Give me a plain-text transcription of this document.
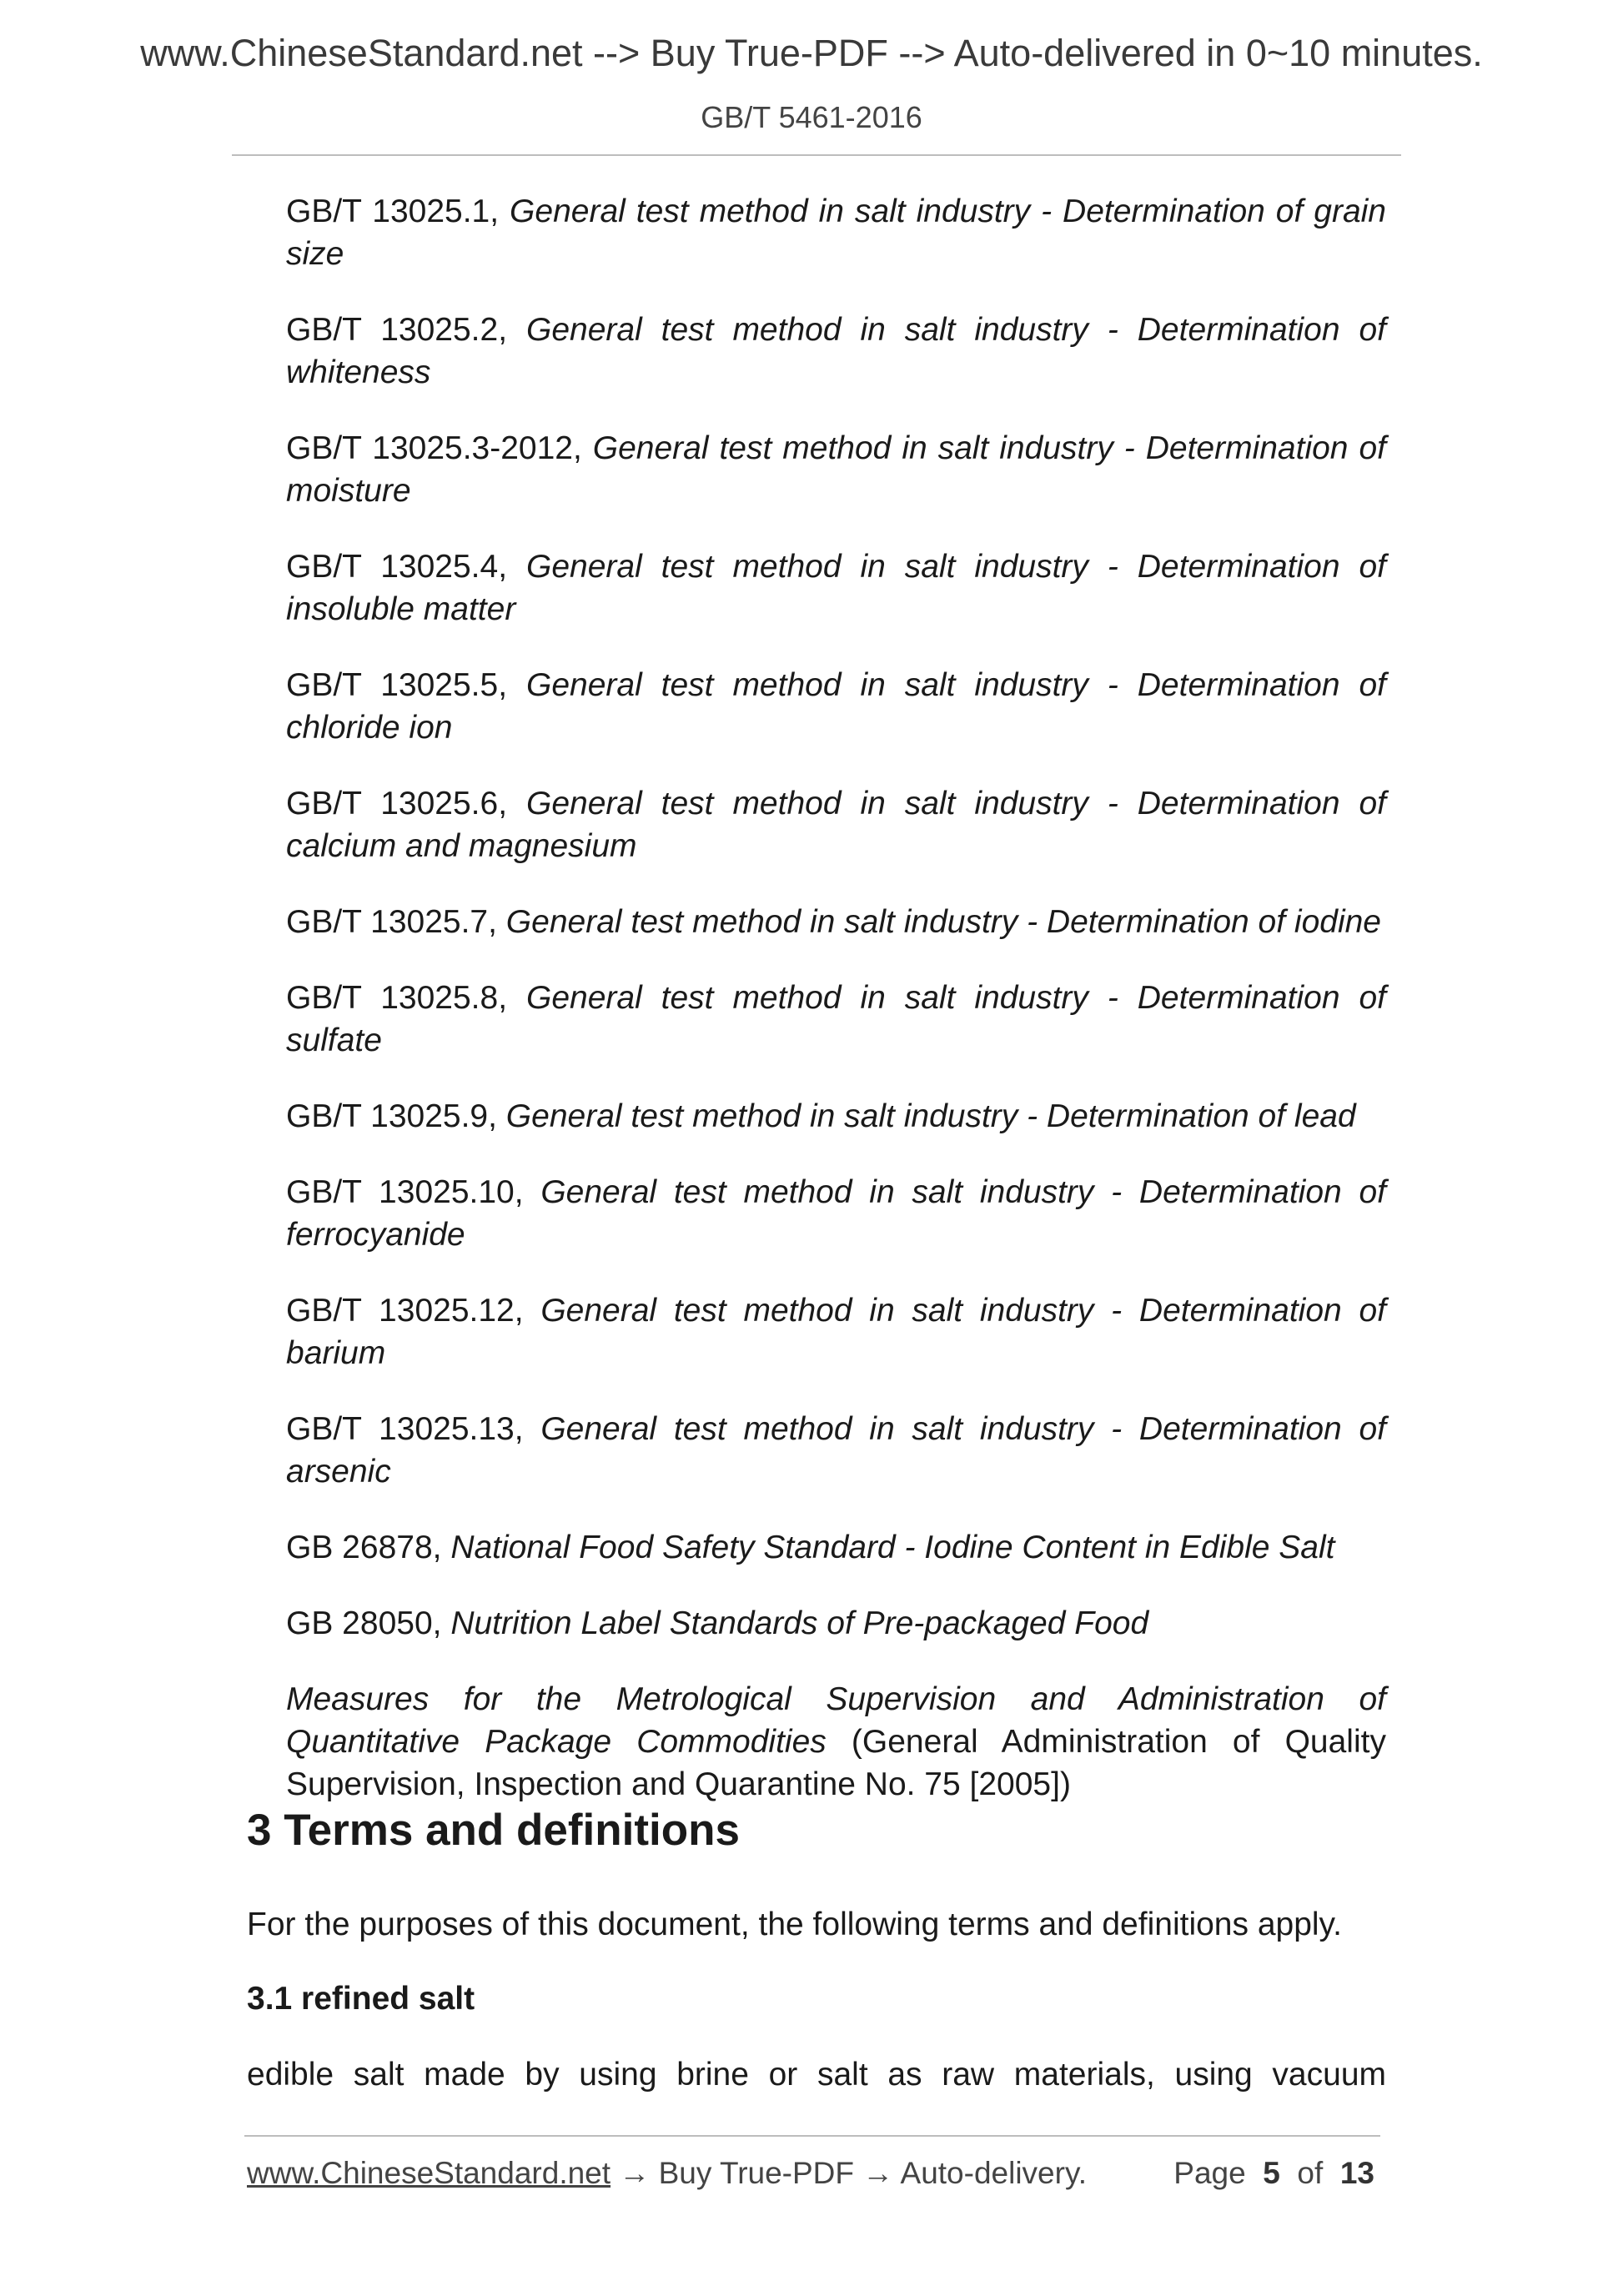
www.ChineseStandard.net --> Buy True-PDF --> Auto-delivered in 0~10 minutes.
GB/T 5461-2016

GB/T 13025.1, General test method in salt industry - Determination of grain size

GB/T 13025.2, General test method in salt industry - Determination of whiteness

GB/T 13025.3-2012, General test method in salt industry - Determination of moisture

GB/T 13025.4, General test method in salt industry - Determination of insoluble matter

GB/T 13025.5, General test method in salt industry - Determination of chloride ion

GB/T 13025.6, General test method in salt industry - Determination of calcium and magnesium

GB/T 13025.7, General test method in salt industry - Determination of iodine

GB/T 13025.8, General test method in salt industry - Determination of sulfate

GB/T 13025.9, General test method in salt industry - Determination of lead

GB/T 13025.10, General test method in salt industry - Determination of ferrocyanide

GB/T 13025.12, General test method in salt industry - Determination of barium

GB/T 13025.13, General test method in salt industry - Determination of arsenic

GB 26878, National Food Safety Standard - Iodine Content in Edible Salt

GB 28050, Nutrition Label Standards of Pre-packaged Food

Measures for the Metrological Supervision and Administration of Quantitative Package Commodities (General Administration of Quality Supervision, Inspection and Quarantine No. 75 [2005])

3 Terms and definitions

For the purposes of this document, the following terms and definitions apply.

3.1 refined salt

edible salt made by using brine or salt as raw materials, using vacuum

www.ChineseStandard.net → Buy True-PDF → Auto-delivery.	Page 5 of 13
